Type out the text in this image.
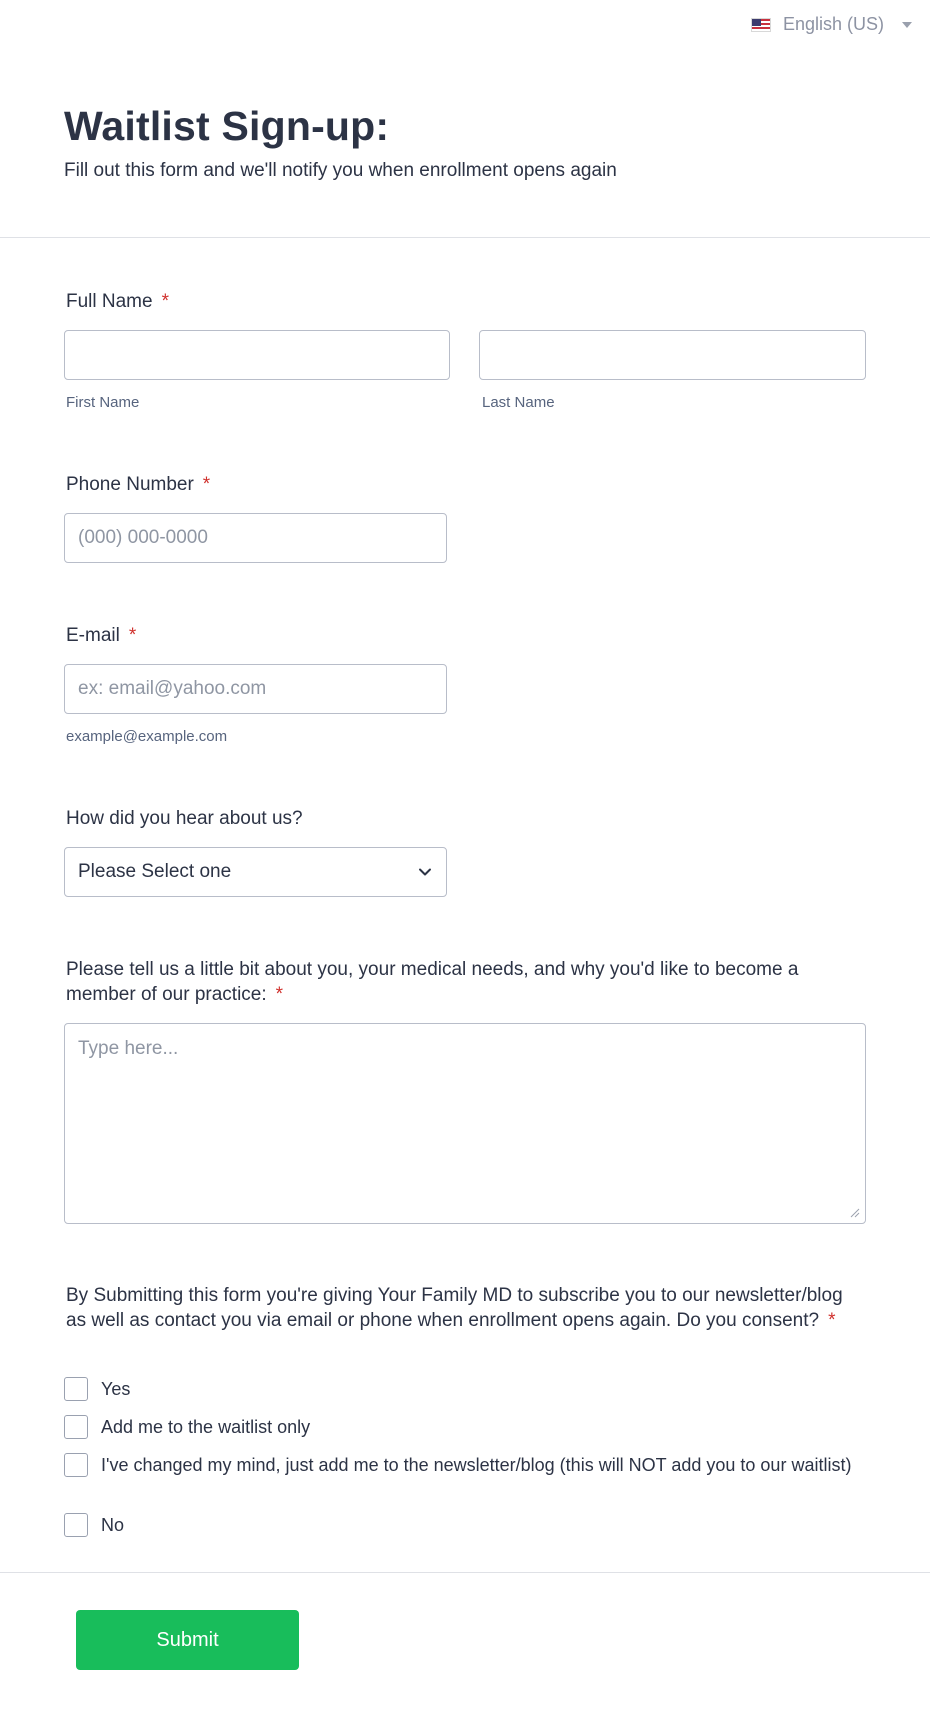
English (US)
Waitlist Sign-up:

Fill out this form and we'll notify you when enrollment opens again

Full Name *
First Name	Last Name
Phone Number *
(000) 000-0000
E-mail *
ex: email@yahoo.com
example@example.com
How did you hear about us?
Please Select one
Please tell us a little bit about you, your medical needs, and why you'd like to become a member of our practice: *
Type here...
By Submitting this form you're giving Your Family MD to subscribe you to our newsletter/blog as well as contact you via email or phone when enrollment opens again. Do you consent? *
Yes
Add me to the waitlist only
I've changed my mind, just add me to the newsletter/blog (this will NOT add you to our waitlist)
No
Submit
